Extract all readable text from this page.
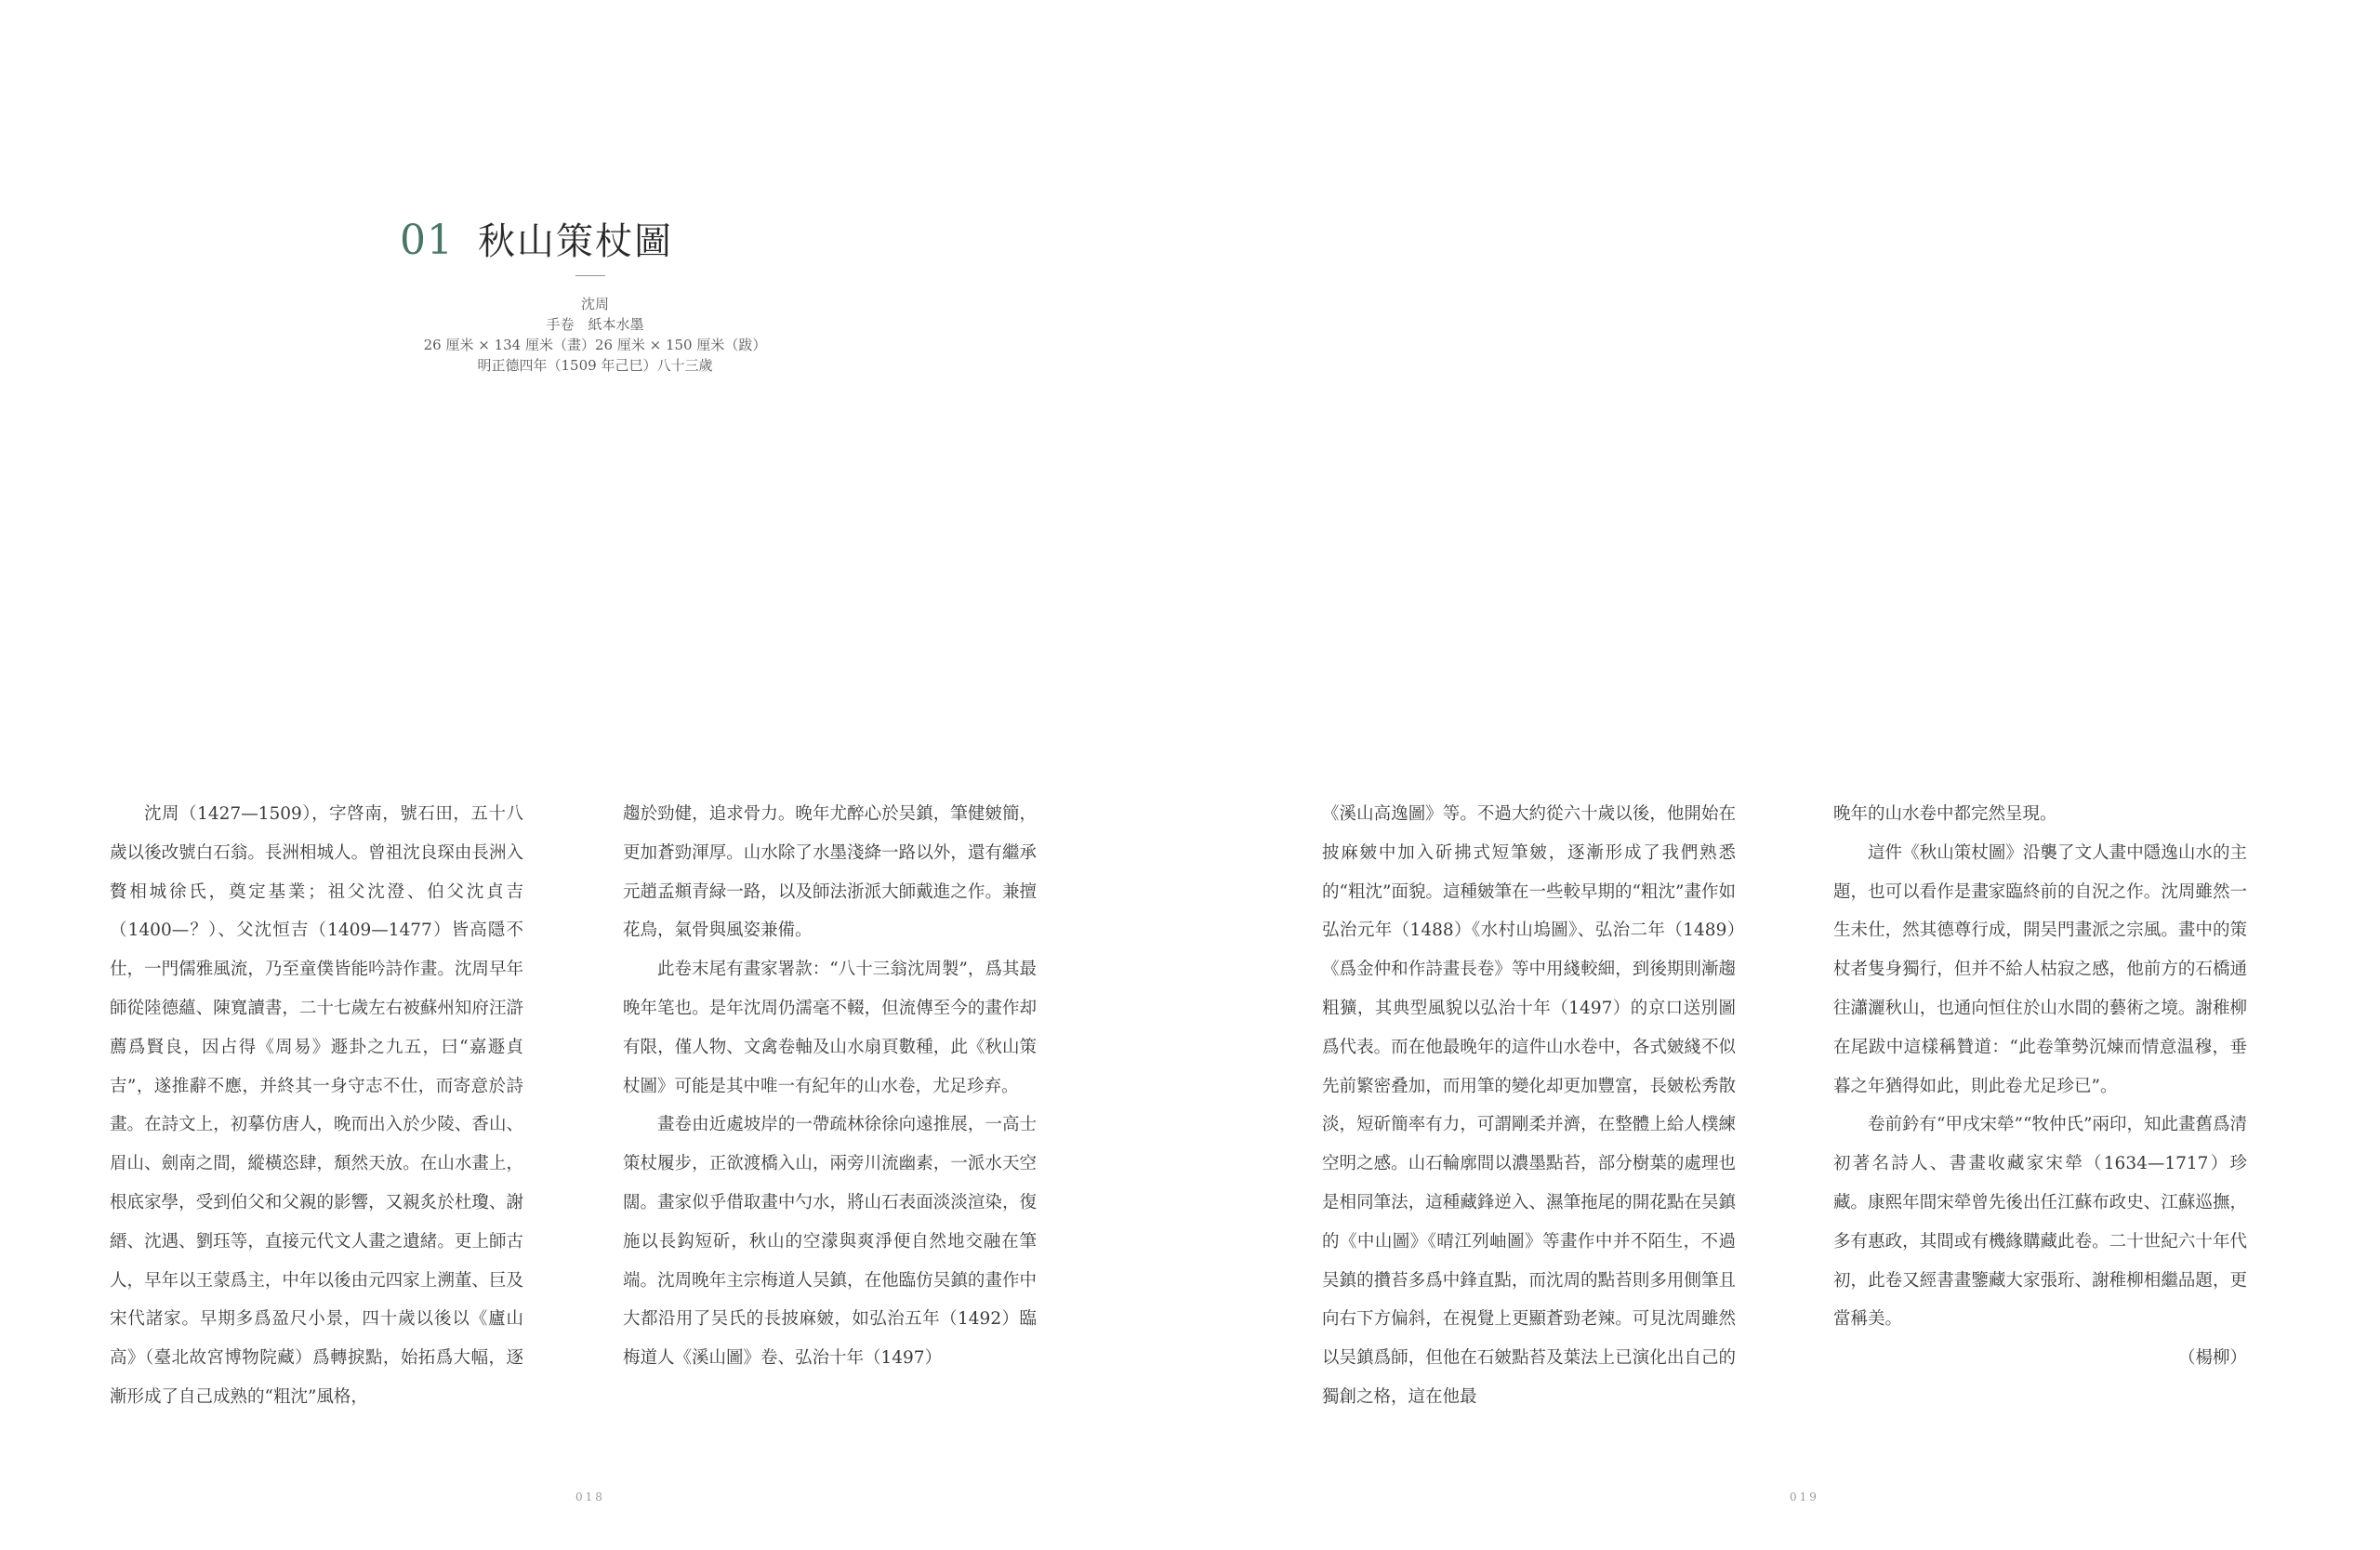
01 秋山策杖圖
沈周
手卷　紙本水墨
26 厘米 × 134 厘米（畫）26 厘米 × 150 厘米（跋）
明正德四年（1509 年己巳）八十三歲

沈周（1427—1509），字啓南，號石田，五十八歲以後改號白石翁。長洲相城人。曾祖沈良琛由長洲入贅相城徐氏，奠定基業；祖父沈澄、伯父沈貞吉（1400—？）、父沈恒吉（1409—1477）皆高隱不仕，一門儒雅風流，乃至童僕皆能吟詩作畫。沈周早年師從陸德蘊、陳寬讀書，二十七歲左右被蘇州知府汪滸薦爲賢良，因占得《周易》遯卦之九五，曰“嘉遯貞吉”，遂推辭不應，并終其一身守志不仕，而寄意於詩畫。在詩文上，初摹仿唐人，晚而出入於少陵、香山、眉山、劍南之間，縱橫恣肆，頹然天放。在山水畫上，根底家學，受到伯父和父親的影響，又親炙於杜瓊、謝縉、沈遇、劉珏等，直接元代文人畫之遺緒。更上師古人，早年以王蒙爲主，中年以後由元四家上溯董、巨及宋代諸家。早期多爲盈尺小景，四十歲以後以《廬山高》（臺北故宮博物院藏）爲轉捩點，始拓爲大幅，逐漸形成了自己成熟的“粗沈”風格，

趨於勁健，追求骨力。晚年尤醉心於吴鎮，筆健皴簡，更加蒼勁渾厚。山水除了水墨淺絳一路以外，還有繼承元趙孟頫青緑一路，以及師法浙派大師戴進之作。兼擅花鳥，氣骨與風姿兼備。

此卷末尾有畫家署款：“八十三翁沈周製”，爲其最晚年笔也。是年沈周仍濡毫不輟，但流傳至今的畫作却有限，僅人物、文禽卷軸及山水扇頁數種，此《秋山策杖圖》可能是其中唯一有紀年的山水卷，尤足珍弃。

畫卷由近處坡岸的一帶疏林徐徐向遠推展，一高士策杖履步，正欲渡橋入山，兩旁川流幽素，一派水天空闊。畫家似乎借取畫中勺水，將山石表面淡淡渲染，復施以長鈎短斫，秋山的空濛與爽淨便自然地交融在筆端。沈周晚年主宗梅道人吴鎮，在他臨仿吴鎮的畫作中大都沿用了吴氏的長披麻皴，如弘治五年（1492）臨梅道人《溪山圖》卷、弘治十年（1497）

018

《溪山高逸圖》等。不過大約從六十歲以後，他開始在披麻皴中加入斫拂式短筆皴，逐漸形成了我們熟悉的“粗沈”面貌。這種皴筆在一些較早期的“粗沈”畫作如弘治元年（1488）《水村山塢圖》、弘治二年（1489）《爲金仲和作詩畫長卷》等中用綫較細，到後期則漸趨粗獷，其典型風貌以弘治十年（1497）的京口送別圖爲代表。而在他最晚年的這件山水卷中，各式皴綫不似先前繁密叠加，而用筆的變化却更加豐富，長皴松秀散淡，短斫簡率有力，可謂剛柔并濟，在整體上給人樸練空明之感。山石輪廓間以濃墨點苔，部分樹葉的處理也是相同筆法，這種藏鋒逆入、濕筆拖尾的開花點在吴鎮的《中山圖》《晴江列岫圖》等畫作中并不陌生，不過吴鎮的攢苔多爲中鋒直點，而沈周的點苔則多用側筆且向右下方偏斜，在視覺上更顯蒼勁老辣。可見沈周雖然以吴鎮爲師，但他在石皴點苔及葉法上已演化出自己的獨創之格，這在他最

晚年的山水卷中都完然呈現。

這件《秋山策杖圖》沿襲了文人畫中隱逸山水的主題，也可以看作是畫家臨終前的自況之作。沈周雖然一生未仕，然其德尊行成，開吴門畫派之宗風。畫中的策杖者隻身獨行，但并不給人枯寂之感，他前方的石橋通往瀟灑秋山，也通向恒住於山水間的藝術之境。謝稚柳在尾跋中這樣稱贊道：“此卷筆勢沉煉而情意温穆，垂暮之年猶得如此，則此卷尤足珍已”。

卷前鈐有“甲戌宋犖”“牧仲氏”兩印，知此畫舊爲清初著名詩人、書畫收藏家宋犖（1634—1717）珍藏。康熙年間宋犖曾先後出任江蘇布政史、江蘇巡撫，多有惠政，其間或有機緣購藏此卷。二十世紀六十年代初，此卷又經書畫鑒藏大家張珩、謝稚柳相繼品題，更當稱美。

（楊柳）

019
